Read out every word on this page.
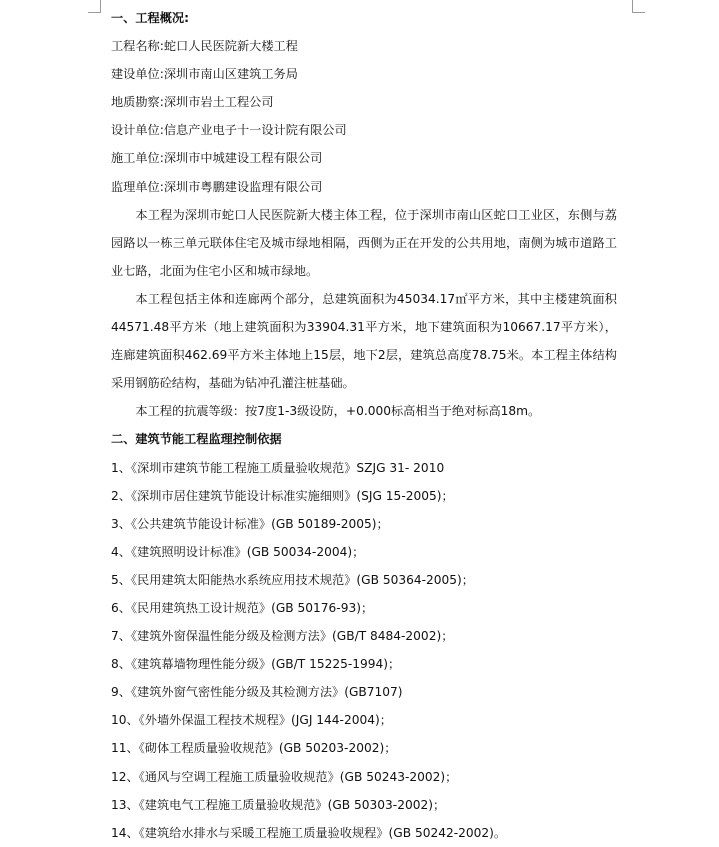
一、工程概况:
工程名称:蛇口人民医院新大楼工程
建设单位:深圳市南山区建筑工务局
地质勘察:深圳市岩土工程公司
设计单位:信息产业电子十一设计院有限公司
施工单位:深圳市中城建设工程有限公司
监理单位:深圳市粤鹏建设监理有限公司
本工程为深圳市蛇口人民医院新大楼主体工程，位于深圳市南山区蛇口工业区，东侧与荔园路以一栋三单元联体住宅及城市绿地相隔，西侧为正在开发的公共用地，南侧为城市道路工业七路，北面为住宅小区和城市绿地。
本工程包括主体和连廊两个部分，总建筑面积为45034.17㎡平方米，其中主楼建筑面积44571.48平方米（地上建筑面积为33904.31平方米，地下建筑面积为10667.17平方米），连廊建筑面积462.69平方米主体地上15层，地下2层，建筑总高度78.75米。本工程主体结构采用钢筋砼结构，基础为钻冲孔灌注桩基础。
本工程的抗震等级：按7度1-3级设防，+0.000标高相当于绝对标高18m。
二、建筑节能工程监理控制依据
1、《深圳市建筑节能工程施工质量验收规范》SZJG 31- 2010
2、《深圳市居住建筑节能设计标准实施细则》(SJG 15-2005)；
3、《公共建筑节能设计标准》(GB 50189-2005)；
4、《建筑照明设计标准》(GB 50034-2004)；
5、《民用建筑太阳能热水系统应用技术规范》(GB 50364-2005)；
6、《民用建筑热工设计规范》(GB 50176-93)；
7、《建筑外窗保温性能分级及检测方法》(GB/T 8484-2002)；
8、《建筑幕墙物理性能分级》(GB/T 15225-1994)；
9、《建筑外窗气密性能分级及其检测方法》(GB7107)
10、《外墙外保温工程技术规程》(JGJ 144-2004)；
11、《砌体工程质量验收规范》(GB 50203-2002)；
12、《通风与空调工程施工质量验收规范》(GB 50243-2002)；
13、《建筑电气工程施工质量验收规范》(GB 50303-2002)；
14、《建筑给水排水与采暖工程施工质量验收规程》(GB 50242-2002)。
